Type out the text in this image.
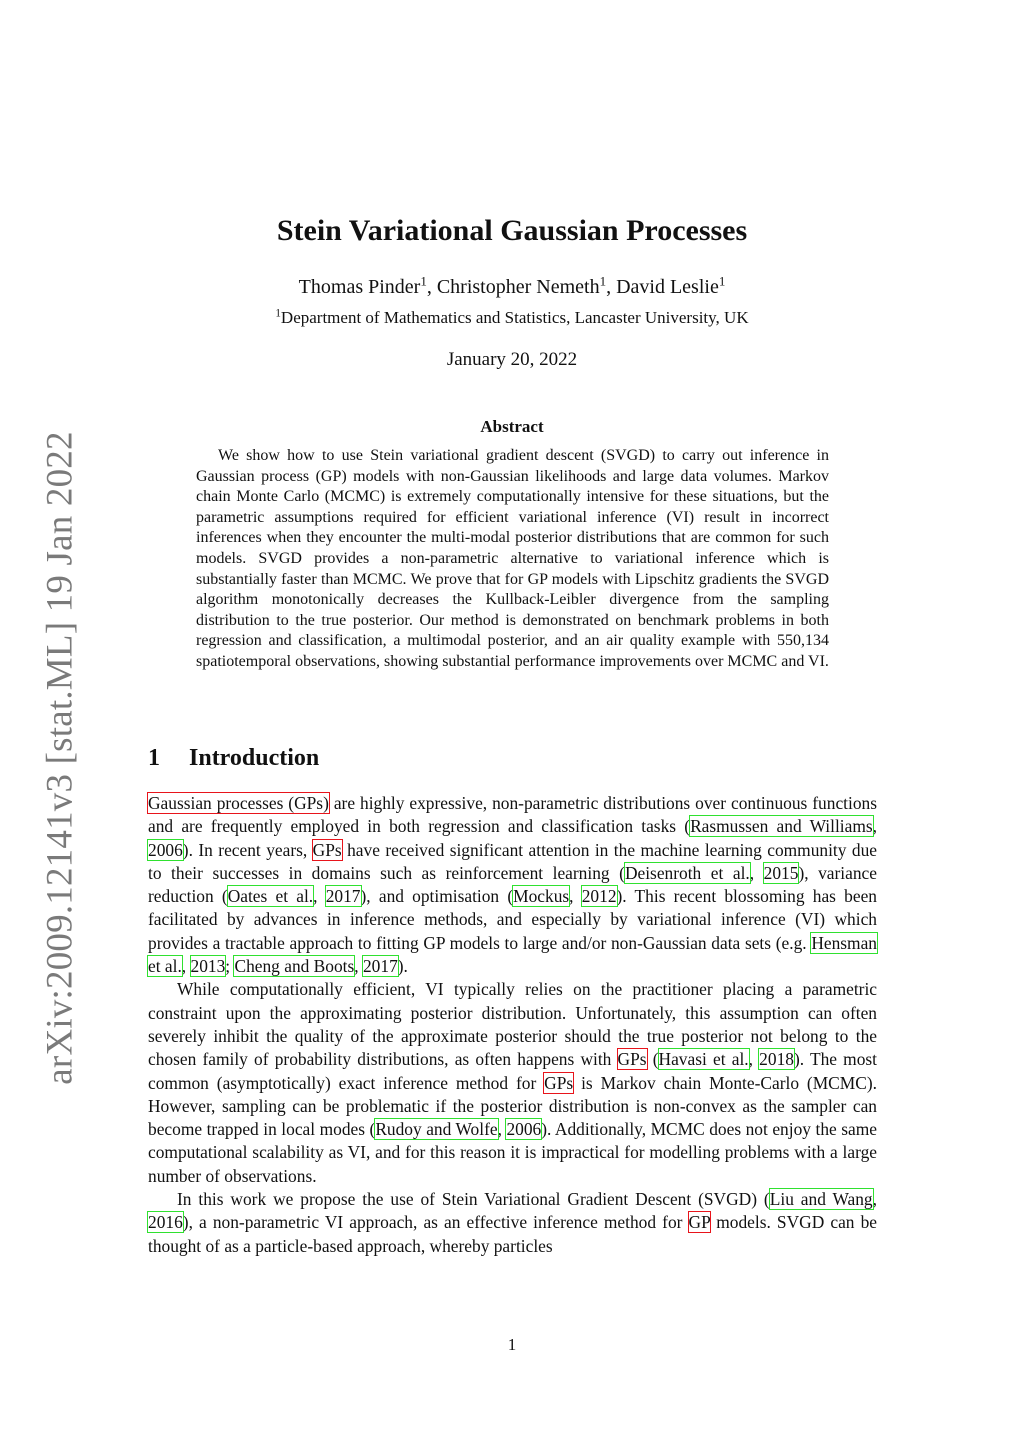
arXiv:2009.12141v3 [stat.ML] 19 Jan 2022
Stein Variational Gaussian Processes
Thomas Pinder$^1$, Christopher Nemeth$^1$, David Leslie$^1$
$^1$Department of Mathematics and Statistics, Lancaster University, UK
January 20, 2022
Abstract

We show how to use Stein variational gradient descent (SVGD) to carry out inference in Gaussian process (GP) models with non-Gaussian likelihoods and large data volumes. Markov chain Monte Carlo (MCMC) is extremely computationally intensive for these situations, but the parametric assumptions required for efficient variational inference (VI) result in incorrect inferences when they encounter the multi-modal posterior distributions that are common for such models. SVGD provides a non-parametric alternative to variational inference which is substantially faster than MCMC. We prove that for GP models with Lipschitz gradients the SVGD algorithm monotonically decreases the Kullback-Leibler divergence from the sampling distribution to the true posterior. Our method is demonstrated on benchmark problems in both regression and classification, a multimodal posterior, and an air quality example with 550,134 spatiotemporal observations, showing substantial performance improvements over MCMC and VI.

1 Introduction

Gaussian processes (GPs) are highly expressive, non-parametric distributions over continuous functions and are frequently employed in both regression and classification tasks (Rasmussen and Williams, 2006). In recent years, GPs have received significant attention in the machine learning community due to their successes in domains such as reinforcement learning (Deisenroth et al., 2015), variance reduction (Oates et al., 2017), and optimisation (Mockus, 2012). This recent blossoming has been facilitated by advances in inference methods, and especially by variational inference (VI) which provides a tractable approach to fitting GP models to large and/or non-Gaussian data sets (e.g. Hensman et al., 2013; Cheng and Boots, 2017).

While computationally efficient, VI typically relies on the practitioner placing a parametric constraint upon the approximating posterior distribution. Unfortunately, this assumption can often severely inhibit the quality of the approximate posterior should the true posterior not belong to the chosen family of probability distributions, as often happens with GPs (Havasi et al., 2018). The most common (asymptotically) exact inference method for GPs is Markov chain Monte-Carlo (MCMC). However, sampling can be problematic if the posterior distribution is non-convex as the sampler can become trapped in local modes (Rudoy and Wolfe, 2006). Additionally, MCMC does not enjoy the same computational scalability as VI, and for this reason it is impractical for modelling problems with a large number of observations.

In this work we propose the use of Stein Variational Gradient Descent (SVGD) (Liu and Wang, 2016), a non-parametric VI approach, as an effective inference method for GP models. SVGD can be thought of as a particle-based approach, whereby particles

1
